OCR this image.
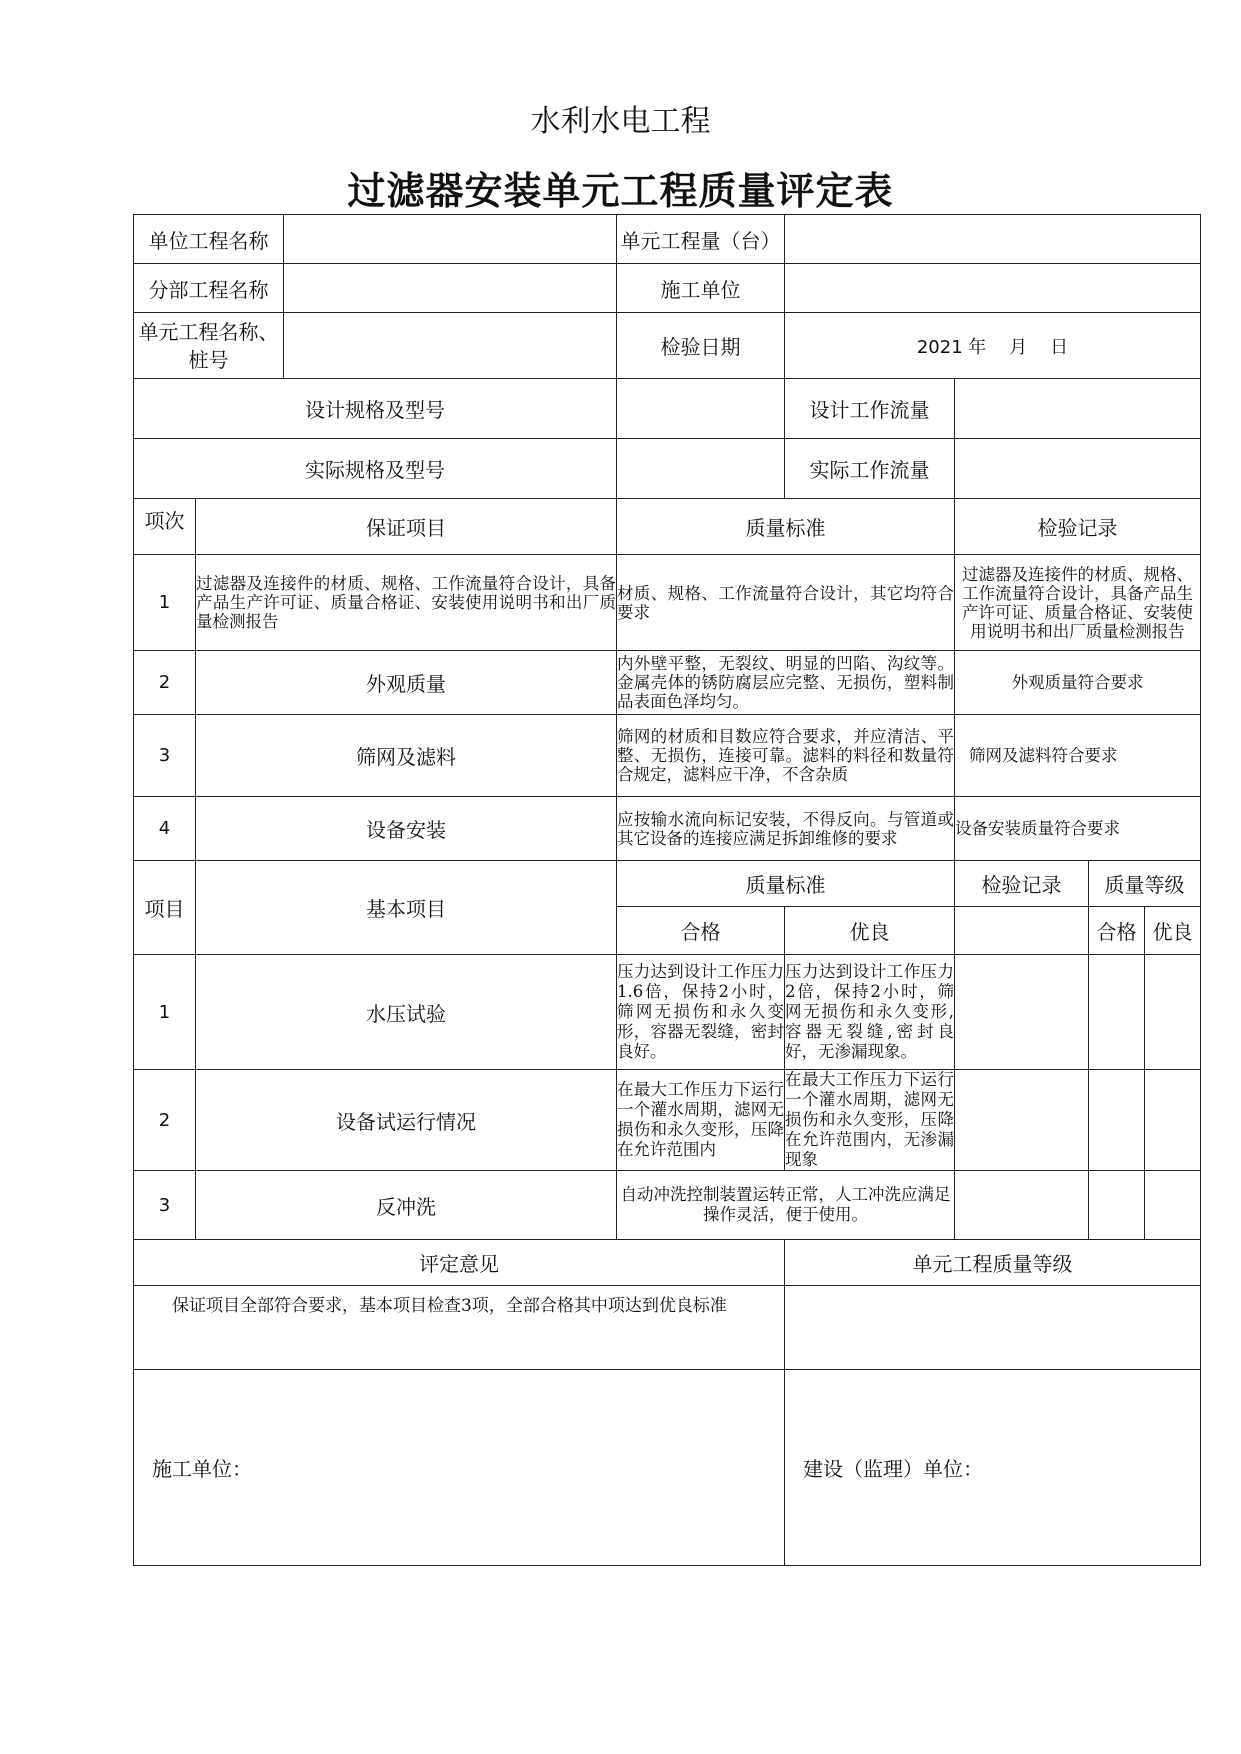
水利水电工程
过滤器安装单元工程质量评定表
单位工程名称			单元工程量（台）				
分部工程名称			施工单位				

单元工程名称、
桩号			检验日期	2021 年    月    日			
设计规格及型号				设计工作流量			
实际规格及型号				实际工作流量			
项次	保证项目		质量标准		检验记录		
1	过滤器及连接件的材质、规格、工作流量符合设计，具备产品生产许可证、质量合格证、安装使用说明书和出厂质量检测报告		材质、规格、工作流量符合设计，其它均符合要求		过滤器及连接件的材质、规格、工作流量符合设计，具备产品生产许可证、质量合格证、安装使用说明书和出厂质量检测报告		
2	外观质量		内外壁平整，无裂纹、明显的凹陷、沟纹等。金属壳体的锈防腐层应完整、无损伤，塑料制品表面色泽均匀。		外观质量符合要求		
3	筛网及滤料		筛网的材质和目数应符合要求，并应清洁、平整、无损伤，连接可靠。滤料的料径和数量符合规定，滤料应干净，不含杂质		筛网及滤料符合要求		
4	设备安装		应按输水流向标记安装，不得反向。与管道或其它设备的连接应满足拆卸维修的要求		设备安装质量符合要求		
项目	基本项目		质量标准		检验记录	质量等级	
			合格	优良		合格	优良
1	水压试验		压力达到设计工作压力1.6倍，保持2小时，筛网无损伤和永久变形，容器无裂缝，密封良好。	压力达到设计工作压力2倍，保持2小时，筛网无损伤和永久变形,容器无裂缝,密封良好，无渗漏现象。			
2	设备试运行情况		在最大工作压力下运行一个灌水周期，滤网无损伤和永久变形，压降在允许范围内	在最大工作压力下运行一个灌水周期，滤网无损伤和永久变形，压降在允许范围内，无渗漏现象			
3	反冲洗		自动冲洗控制装置运转正常，人工冲洗应满足操作灵活，便于使用。				
评定意见				单元工程质量等级			
保证项目全部符合要求，基本项目检查3项，全部合格其中项达到优良标准							
施工单位：				建设（监理）单位：			
